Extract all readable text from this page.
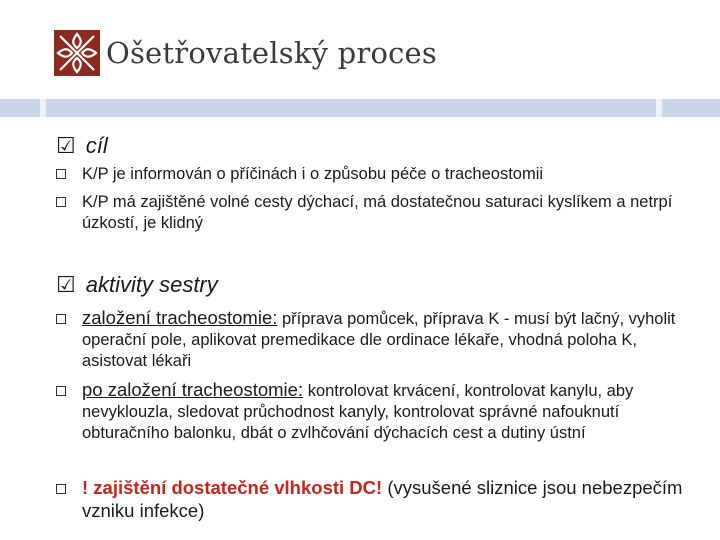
Ošetřovatelský proces
☑ cíl
K/P je informován o příčinách i o způsobu péče o tracheostomii
K/P má zajištěné volné cesty dýchací, má dostatečnou saturaci kyslíkem a netrpí úzkostí, je klidný
☑ aktivity sestry
založení tracheostomie: příprava pomůcek, příprava K - musí být lačný, vyholit operační pole, aplikovat premedikace dle ordinace lékaře, vhodná poloha K, asistovat lékaři
po založení tracheostomie: kontrolovat krvácení, kontrolovat kanylu, aby nevyklouzla, sledovat průchodnost kanyly, kontrolovat správné nafouknutí obturačního balonku, dbát o zvlhčování dýchacích cest a dutiny ústní
! zajištění dostatečné vlhkosti DC! (vysušené sliznice jsou nebezpečím vzniku infekce)
